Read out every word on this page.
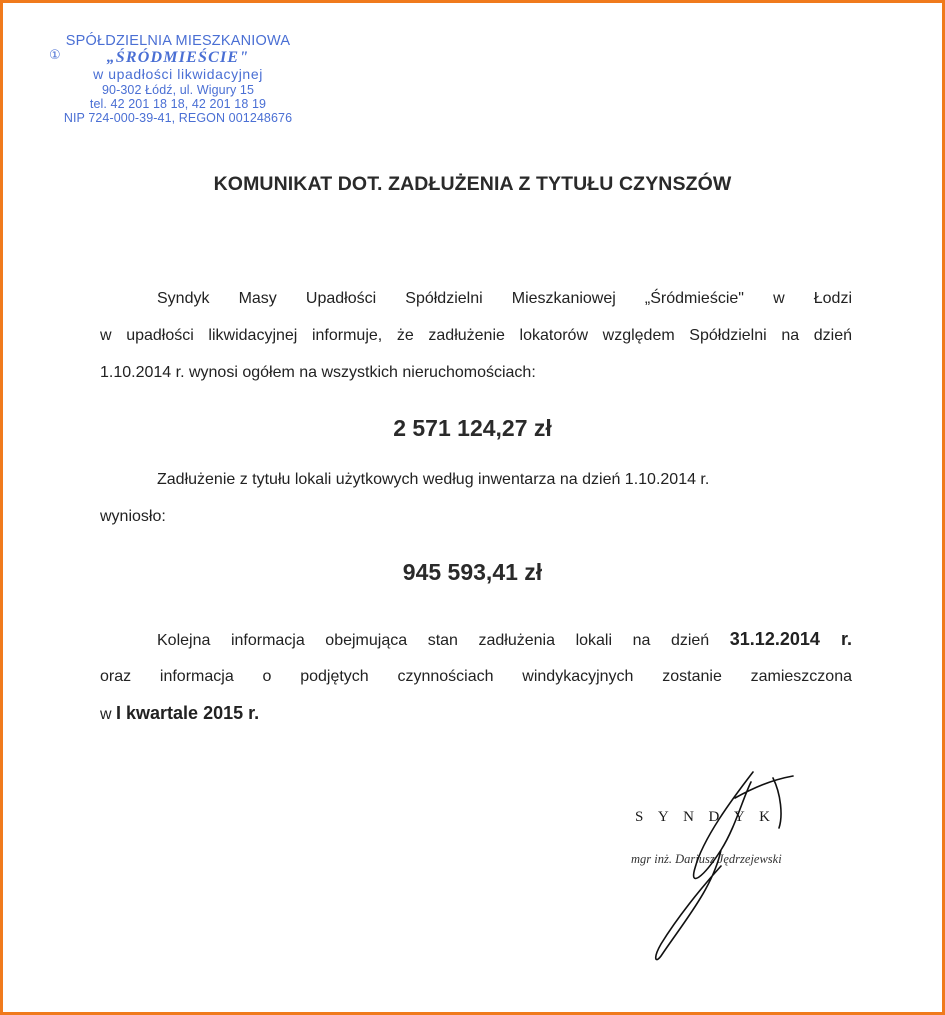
SPÓŁDZIELNIA MIESZKANIOWA
①	„ŚRÓDMIEŚCIE"
w upadłości likwidacyjnej
90-302 Łódź, ul. Wigury 15
tel. 42 201 18 18, 42 201 18 19
NIP 724-000-39-41, REGON 001248676
KOMUNIKAT DOT. ZADŁUŻENIA Z TYTUŁU CZYNSZÓW
Syndyk Masy Upadłości Spółdzielni Mieszkaniowej „Śródmieście" w Łodzi
w upadłości likwidacyjnej informuje, że zadłużenie lokatorów względem Spółdzielni na dzień
1.10.2014 r. wynosi ogółem na wszystkich nieruchomościach:
2 571 124,27 zł
Zadłużenie z tytułu lokali użytkowych według inwentarza na dzień 1.10.2014 r.
wyniosło:
945 593,41 zł
Kolejna informacja obejmująca stan zadłużenia lokali na dzień 31.12.2014 r.
oraz informacja o podjętych czynnościach windykacyjnych zostanie zamieszczona
w I kwartale 2015 r.
SYNDYK
mgr inż. Dariusz Jędrzejewski
